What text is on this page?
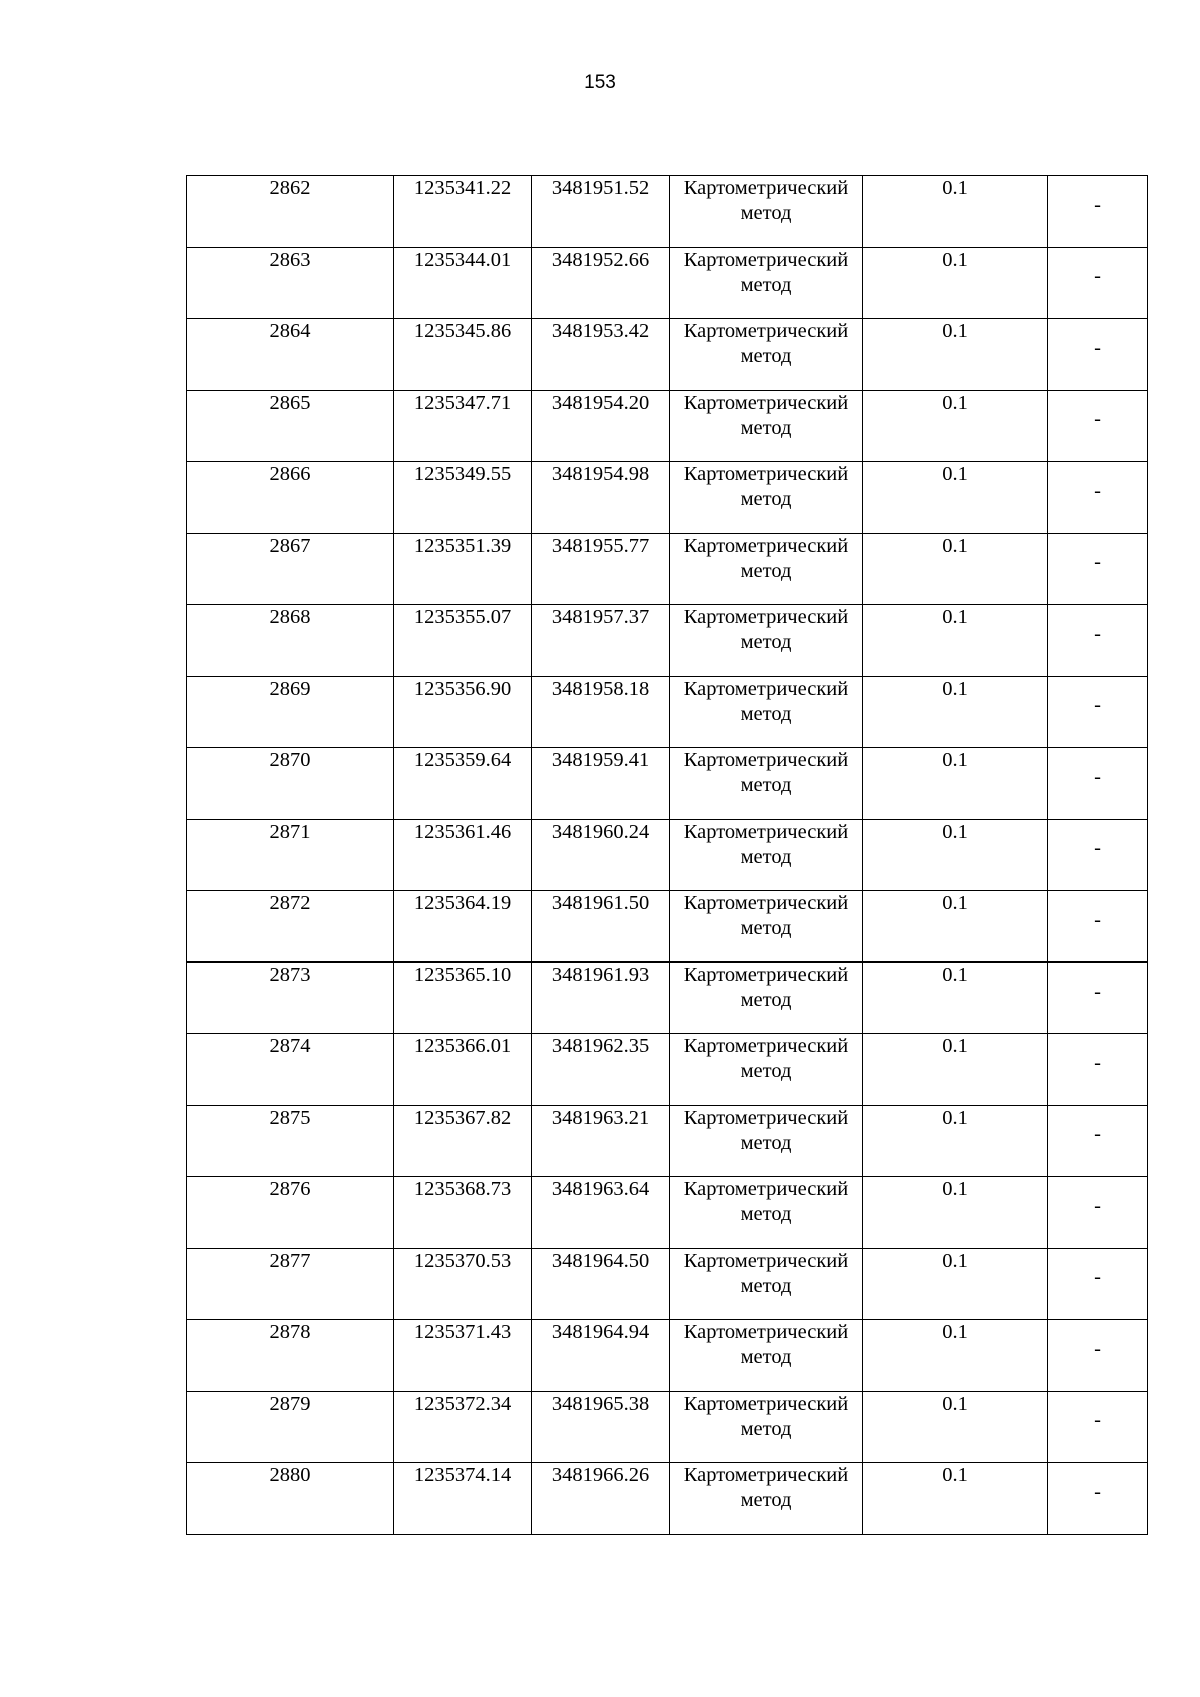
153
2862	1235341.22	3481951.52	Картометрический метод	0.1	-
2863	1235344.01	3481952.66	Картометрический метод	0.1	-
2864	1235345.86	3481953.42	Картометрический метод	0.1	-
2865	1235347.71	3481954.20	Картометрический метод	0.1	-
2866	1235349.55	3481954.98	Картометрический метод	0.1	-
2867	1235351.39	3481955.77	Картометрический метод	0.1	-
2868	1235355.07	3481957.37	Картометрический метод	0.1	-
2869	1235356.90	3481958.18	Картометрический метод	0.1	-
2870	1235359.64	3481959.41	Картометрический метод	0.1	-
2871	1235361.46	3481960.24	Картометрический метод	0.1	-
2872	1235364.19	3481961.50	Картометрический метод	0.1	-
2873	1235365.10	3481961.93	Картометрический метод	0.1	-
2874	1235366.01	3481962.35	Картометрический метод	0.1	-
2875	1235367.82	3481963.21	Картометрический метод	0.1	-
2876	1235368.73	3481963.64	Картометрический метод	0.1	-
2877	1235370.53	3481964.50	Картометрический метод	0.1	-
2878	1235371.43	3481964.94	Картометрический метод	0.1	-
2879	1235372.34	3481965.38	Картометрический метод	0.1	-
2880	1235374.14	3481966.26	Картометрический метод	0.1	-
